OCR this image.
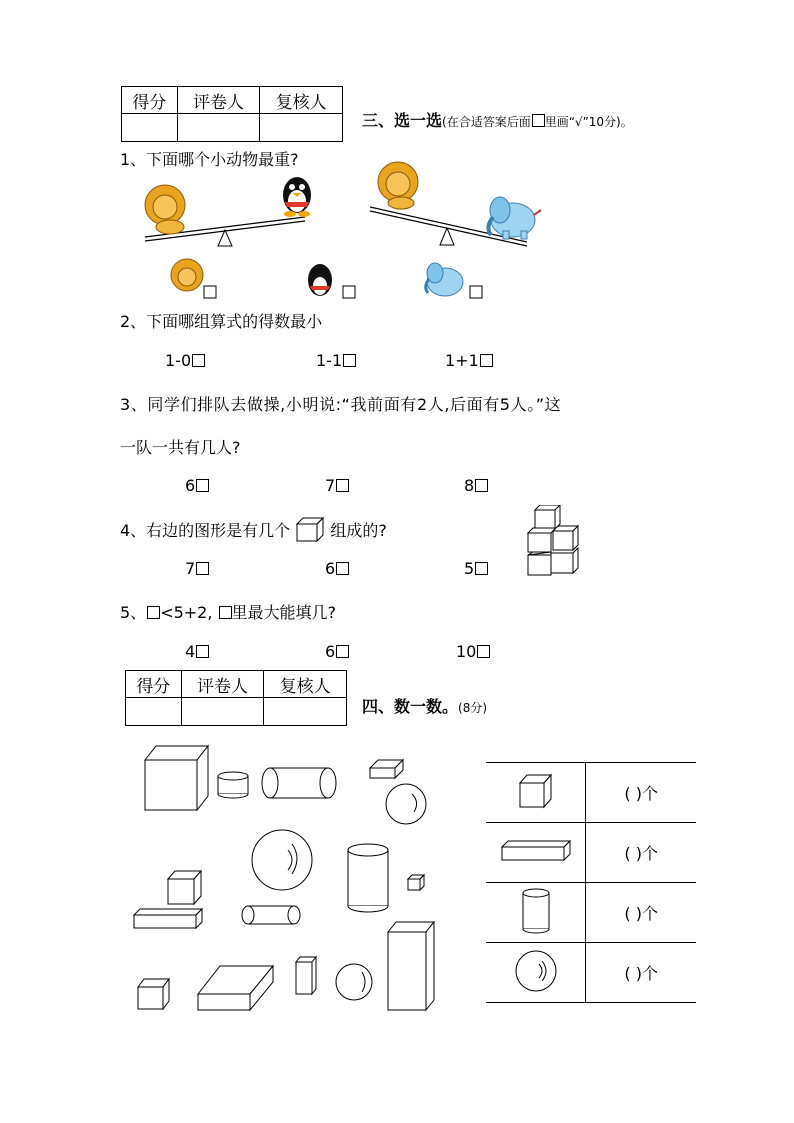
得分	评卷人	复核人

三、选一选(在合适答案后面 里画“√”10分)。
1、下面哪个小动物最重?
2、下面哪组算式的得数最小
1-0	1-1	1+1
3、同学们排队去做操,小明说:“我前面有2人,后面有5人。”这
一队一共有几人?
6	7	8
4、右边的图形是有几个	组成的?
7	6	5
5、 <5+2, 里最大能填几?
4	6	10
得分	评卷人	复核人

四、数一数。(8分)
	( )个
	( )个
	( )个
	( )个
